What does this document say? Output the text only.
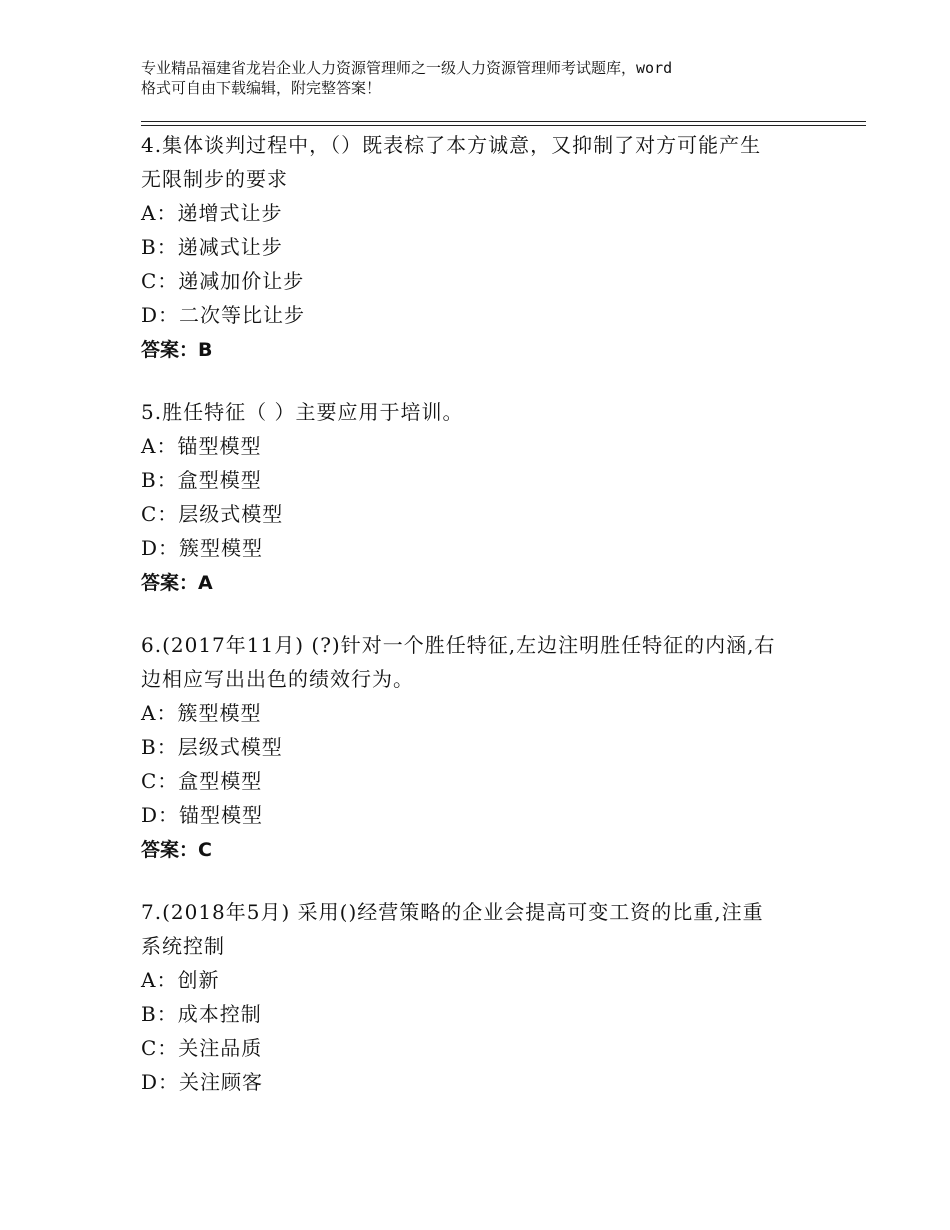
专业精品福建省龙岩企业人力资源管理师之一级人力资源管理师考试题库，word
格式可自由下载编辑，附完整答案！
4.集体谈判过程中，（）既表棕了本方诚意，又抑制了对方可能产生
无限制步的要求
A：递增式让步
B：递减式让步
C：递减加价让步
D：二次等比让步
答案：B
5.胜任特征（ ）主要应用于培训。
A：锚型模型
B：盒型模型
C：层级式模型
D：簇型模型
答案：A
6.(2017年11月) (?)针对一个胜任特征,左边注明胜任特征的内涵,右
边相应写出出色的绩效行为。
A：簇型模型
B：层级式模型
C：盒型模型
D：锚型模型
答案：C
7.(2018年5月) 采用()经营策略的企业会提高可变工资的比重,注重
系统控制
A：创新
B：成本控制
C：关注品质
D：关注顾客
